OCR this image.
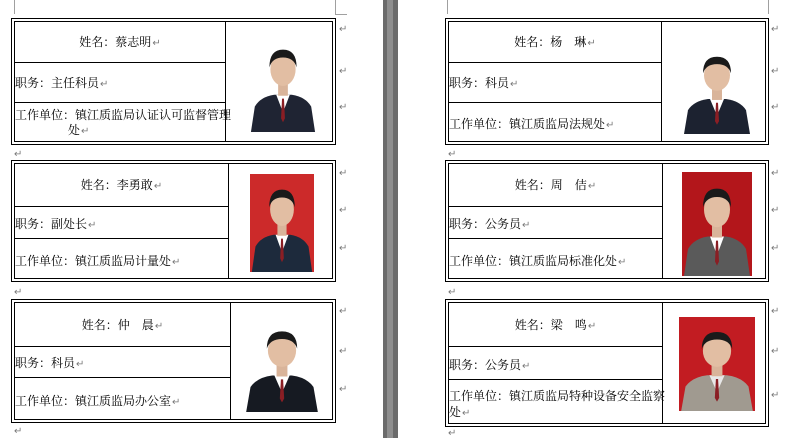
姓名：蔡志明↵
职务：主任科员↵
工作单位：镇江质监局认证认可监督管理
处↵
↵
姓名：李勇敢↵
职务：副处长↵
工作单位：镇江质监局计量处↵
↵
姓名：仲　晨↵
职务：科员↵
工作单位：镇江质监局办公室↵
↵
姓名：杨　琳↵
职务：科员↵
工作单位：镇江质监局法规处↵
↵
姓名：周　佶↵
职务：公务员↵
工作单位：镇江质监局标准化处↵
↵
姓名：梁　鸣↵
职务：公务员↵
工作单位：镇江质监局特种设备安全监察
处↵
↵
↵
↵
↵
↵
↵
↵
↵
↵
↵
↵
↵
↵
↵
↵
↵
↵
↵
↵
